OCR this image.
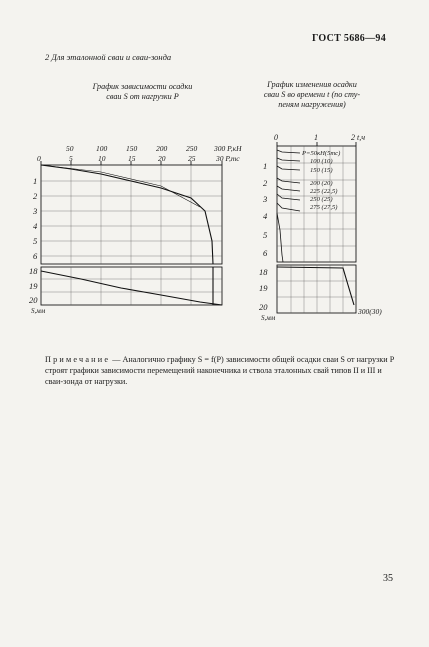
ГОСТ 5686—94
2 Для эталонной сваи и сваи-зонда
График зависимости осадки
сваи S от нагрузки P
График изменения осадки
сваи S во времени t (по сту-
пеням нагружения)
50	100	150	200	250 300 P,кН
0	5	10	15	20	25	30 P,тс
1
2
3
4
5
6
18
19
20
S,мм
0	1	2 t,ч
1
2
3
4
5
6
18
19
20
S,мм
P=50кН(5тс)
100 (10)
150 (15)
200 (20)
225 (22,5)
250 (25)
275 (27,5)
300(30)
Примечание — Аналогично графику S = f(P) зависимости общей осадки сваи S от нагрузки P строят графики зависимости перемещений наконечника и ствола эталонных свай типов II и III и сваи-зонда от нагрузки.
35
